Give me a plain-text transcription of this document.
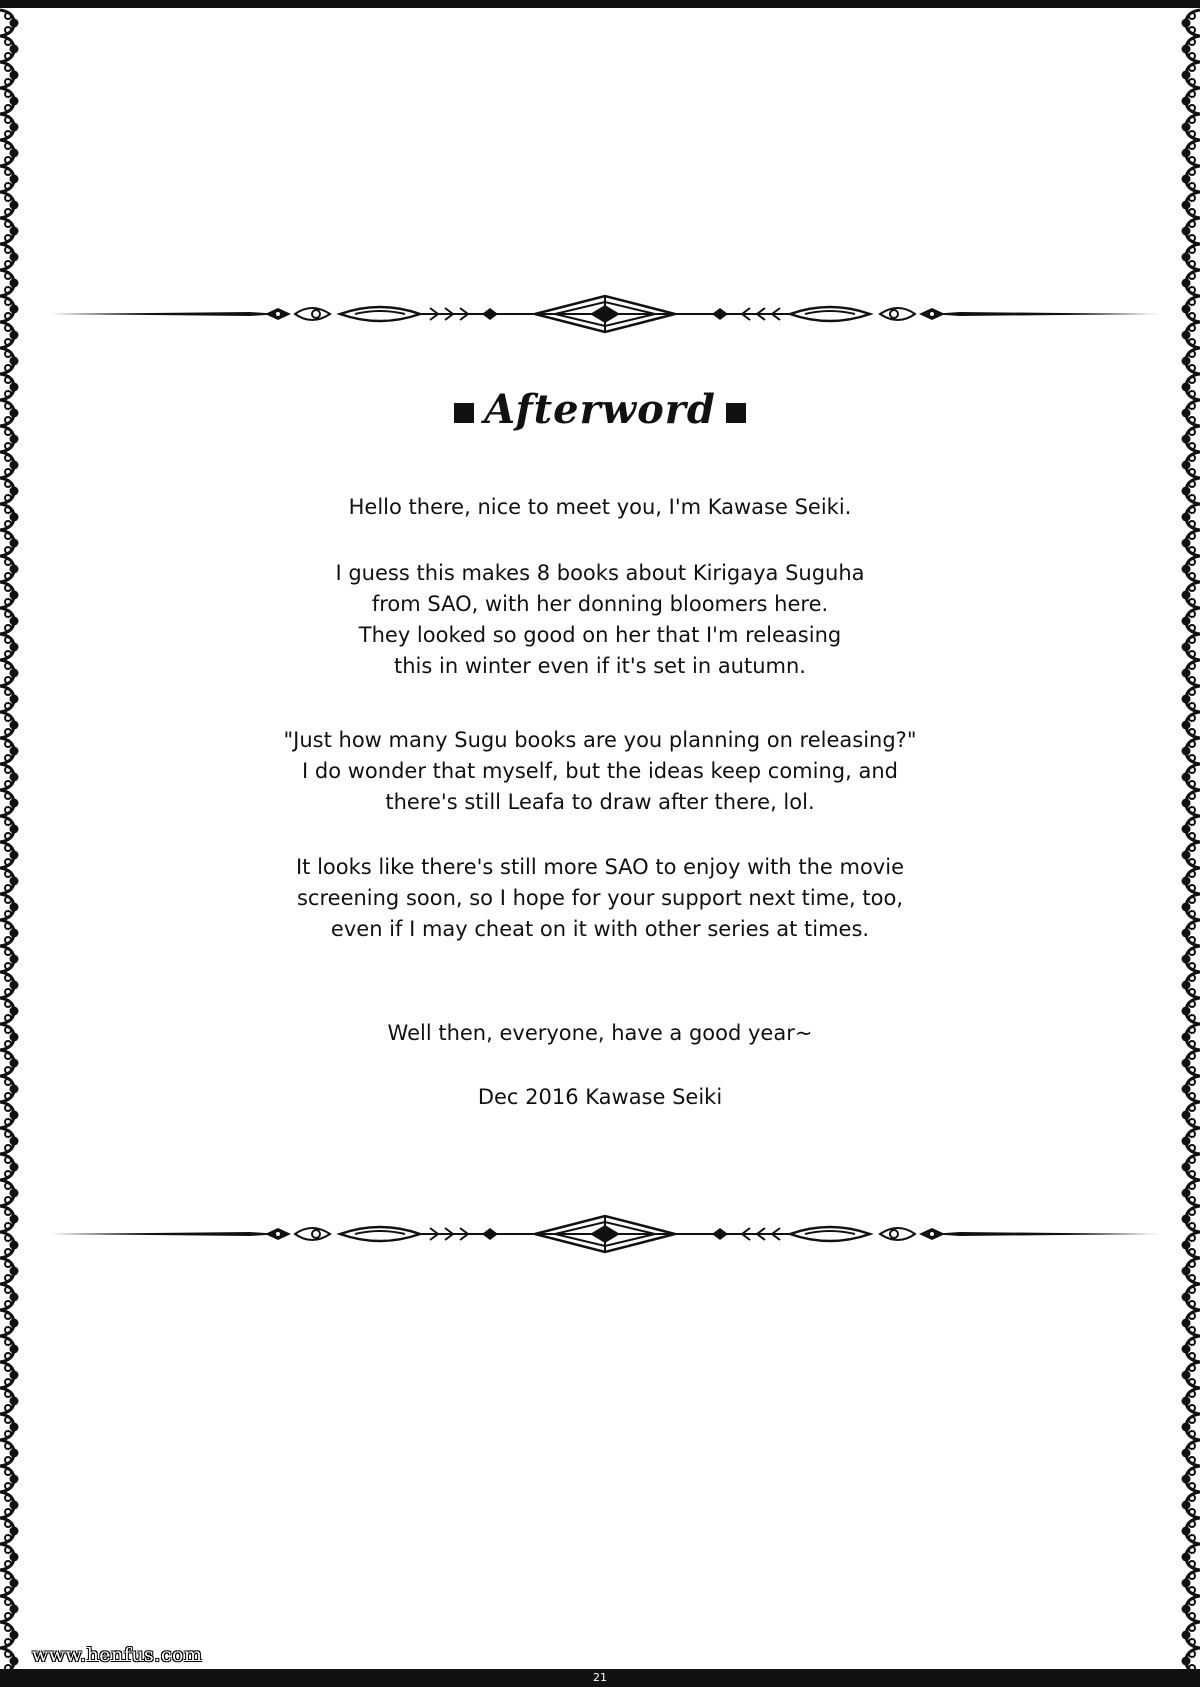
Afterword
Hello there, nice to meet you, I'm Kawase Seiki.
I guess this makes 8 books about Kirigaya Suguha
from SAO, with her donning bloomers here.
They looked so good on her that I'm releasing
this in winter even if it's set in autumn.
"Just how many Sugu books are you planning on releasing?"
I do wonder that myself, but the ideas keep coming, and
there's still Leafa to draw after there, lol.
It looks like there's still more SAO to enjoy with the movie
screening soon, so I hope for your support next time, too,
even if I may cheat on it with other series at times.
Well then, everyone, have a good year~
Dec 2016 Kawase Seiki
21
www.henfus.com
